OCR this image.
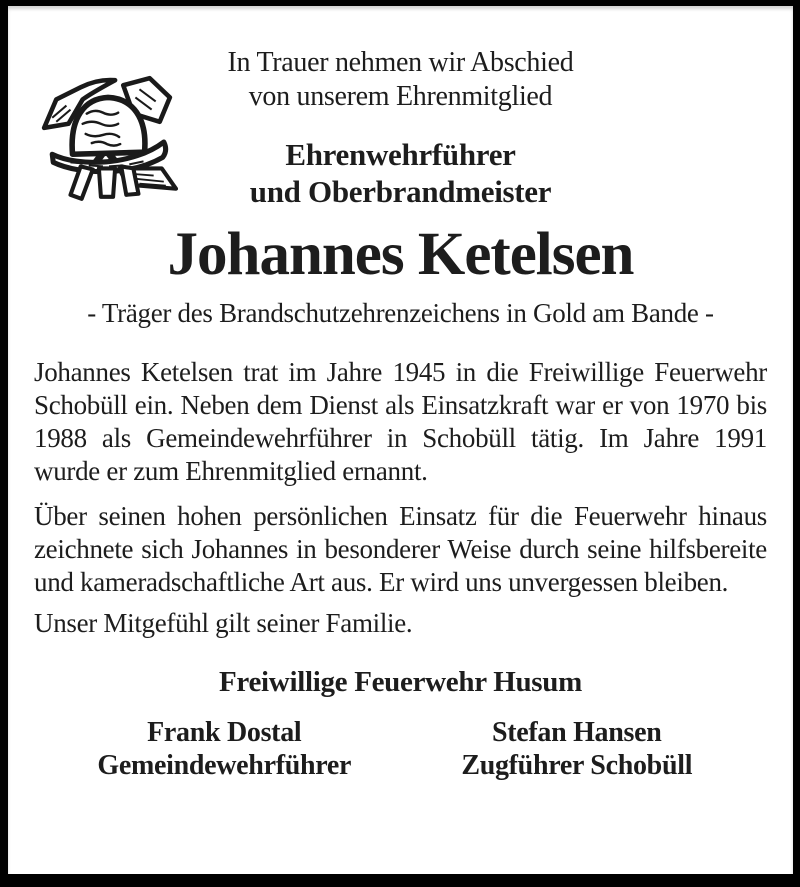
In Trauer nehmen wir Abschied
von unserem Ehrenmitglied
Ehrenwehrführer
und Oberbrandmeister
Johannes Ketelsen
- Träger des Brandschutzehrenzeichens in Gold am Bande -

Johannes Ketelsen trat im Jahre 1945 in die Freiwillige Feuerwehr Schobüll ein. Neben dem Dienst als Einsatzkraft war er von 1970 bis 1988 als Gemeindewehrführer in Schobüll tätig. Im Jahre 1991 wurde er zum Ehrenmitglied ernannt.

Über seinen hohen persönlichen Einsatz für die Feuerwehr hinaus zeichnete sich Johannes in besonderer Weise durch seine hilfsbereite und kameradschaftliche Art aus. Er wird uns unvergessen bleiben.

Unser Mitgefühl gilt seiner Familie.

Freiwillige Feuerwehr Husum
Frank Dostal
Gemeindewehrführer
Stefan Hansen
Zugführer Schobüll
